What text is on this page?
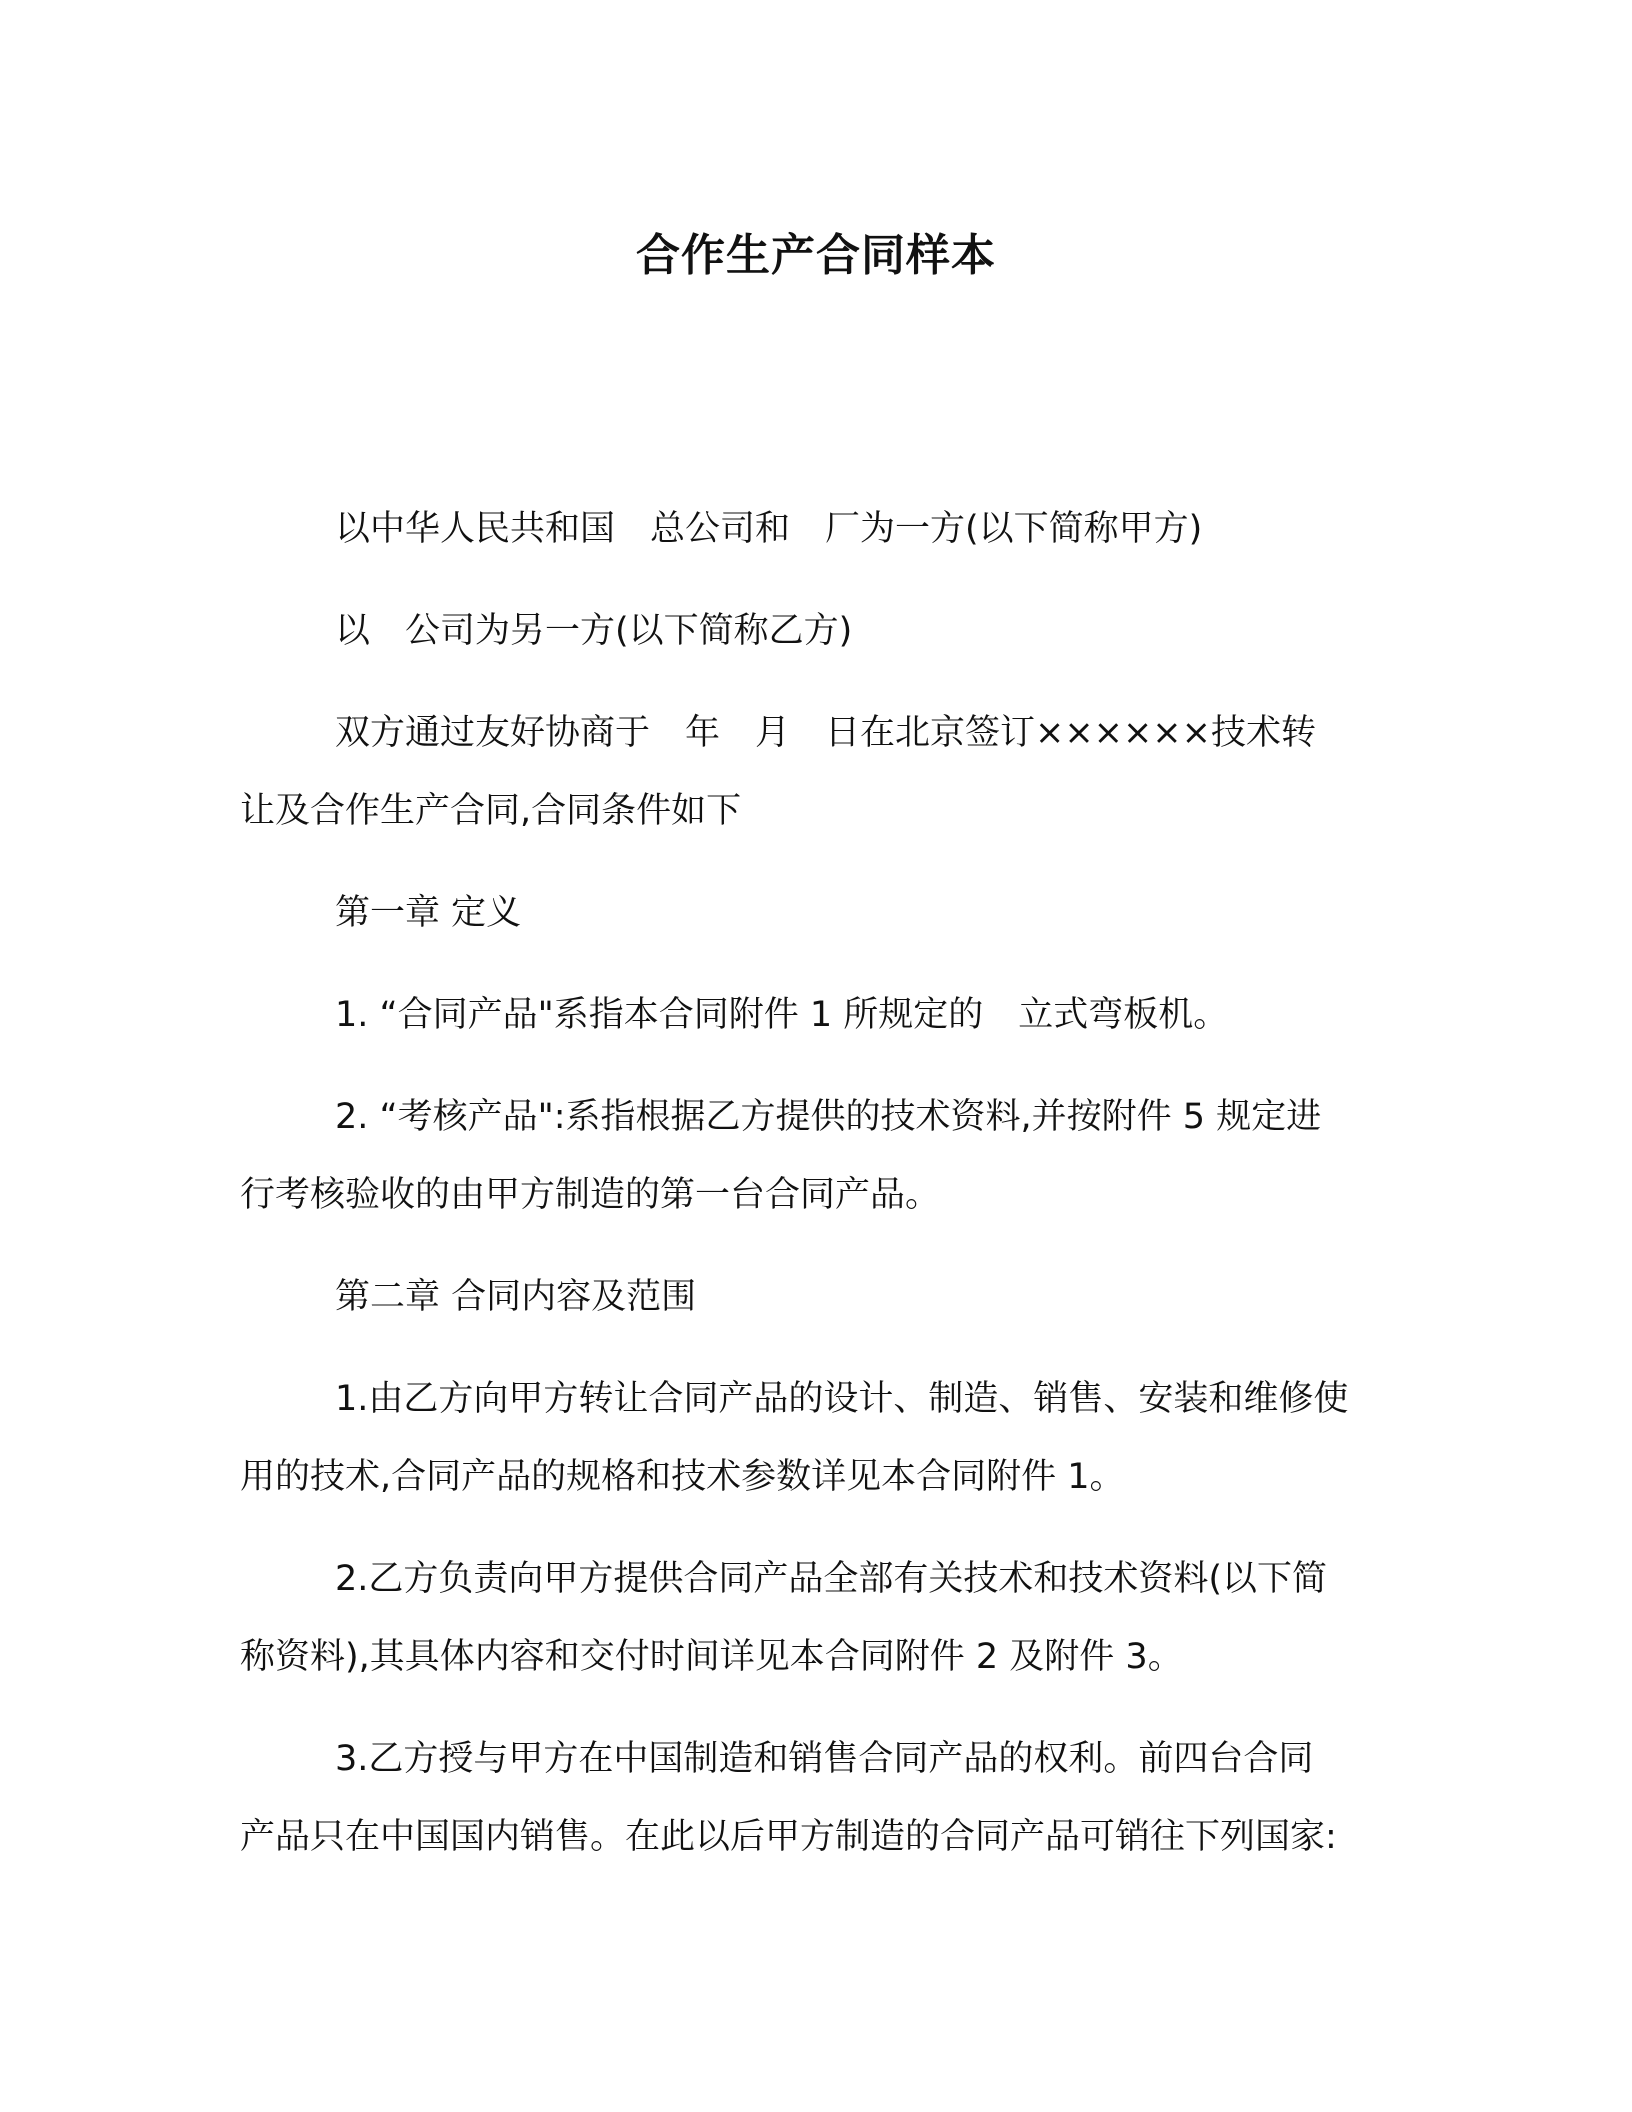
合作生产合同样本

以中华人民共和国　总公司和　厂为一方(以下简称甲方)

以　公司为另一方(以下简称乙方)

双方通过友好协商于　年　月　日在北京签订××××××技术转
让及合作生产合同,合同条件如下

第一章 定义

1. “合同产品"系指本合同附件 1 所规定的　立式弯板机。

2. “考核产品":系指根据乙方提供的技术资料,并按附件 5 规定进
行考核验收的由甲方制造的第一台合同产品。

第二章 合同内容及范围

1.由乙方向甲方转让合同产品的设计、制造、销售、安装和维修使
用的技术,合同产品的规格和技术参数详见本合同附件 1。

2.乙方负责向甲方提供合同产品全部有关技术和技术资料(以下简
称资料),其具体内容和交付时间详见本合同附件 2 及附件 3。

3.乙方授与甲方在中国制造和销售合同产品的权利。前四台合同
产品只在中国国内销售。在此以后甲方制造的合同产品可销往下列国家:
